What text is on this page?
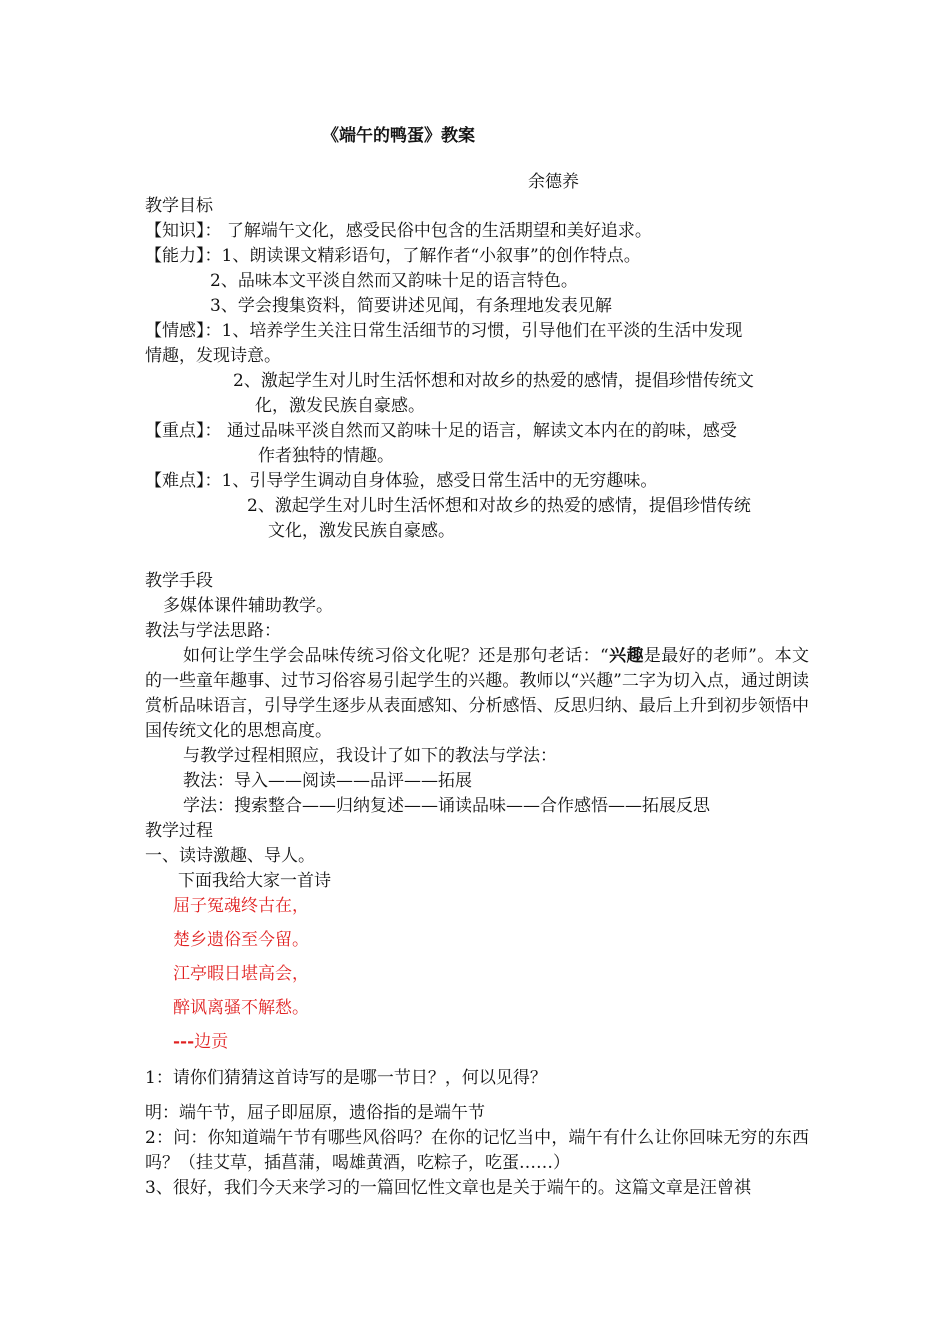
《端午的鸭蛋》教案
余德养
教学目标
【知识】： 了解端午文化，感受民俗中包含的生活期望和美好追求。
【能力】：1、朗读课文精彩语句，了解作者“小叙事”的创作特点。
2、品味本文平淡自然而又韵味十足的语言特色。
3、学会搜集资料，简要讲述见闻，有条理地发表见解
【情感】：1、培养学生关注日常生活细节的习惯，引导他们在平淡的生活中发现
情趣，发现诗意。
2、激起学生对儿时生活怀想和对故乡的热爱的感情，提倡珍惜传统文
化，激发民族自豪感。
【重点】： 通过品味平淡自然而又韵味十足的语言，解读文本内在的韵味，感受
作者独特的情趣。
【难点】：1、引导学生调动自身体验，感受日常生活中的无穷趣味。
2、激起学生对儿时生活怀想和对故乡的热爱的感情，提倡珍惜传统
文化，激发民族自豪感。
教学手段
多媒体课件辅助教学。
教法与学法思路：
如何让学生学会品味传统习俗文化呢？还是那句老话：“兴趣是最好的老师”。本文的一些童年趣事、过节习俗容易引起学生的兴趣。教师以“兴趣”二字为切入点，通过朗读赏析品味语言，引导学生逐步从表面感知、分析感悟、反思归纳、最后上升到初步领悟中国传统文化的思想高度。
与教学过程相照应，我设计了如下的教法与学法：
教法：导入——阅读——品评——拓展
学法：搜索整合——归纳复述——诵读品味——合作感悟——拓展反思
教学过程
一、读诗激趣、导人。
下面我给大家一首诗
屈子冤魂终古在，
楚乡遗俗至今留。
江亭暇日堪高会，
醉讽离骚不解愁。
---边贡
1：请你们猜猜这首诗写的是哪一节日？，何以见得？
明：端午节，屈子即屈原，遗俗指的是端午节
2：问：你知道端午节有哪些风俗吗？在你的记忆当中，端午有什么让你回味无穷的东西吗？（挂艾草，插菖蒲，喝雄黄酒，吃粽子，吃蛋……）
3、很好，我们今天来学习的一篇回忆性文章也是关于端午的。这篇文章是汪曾祺
